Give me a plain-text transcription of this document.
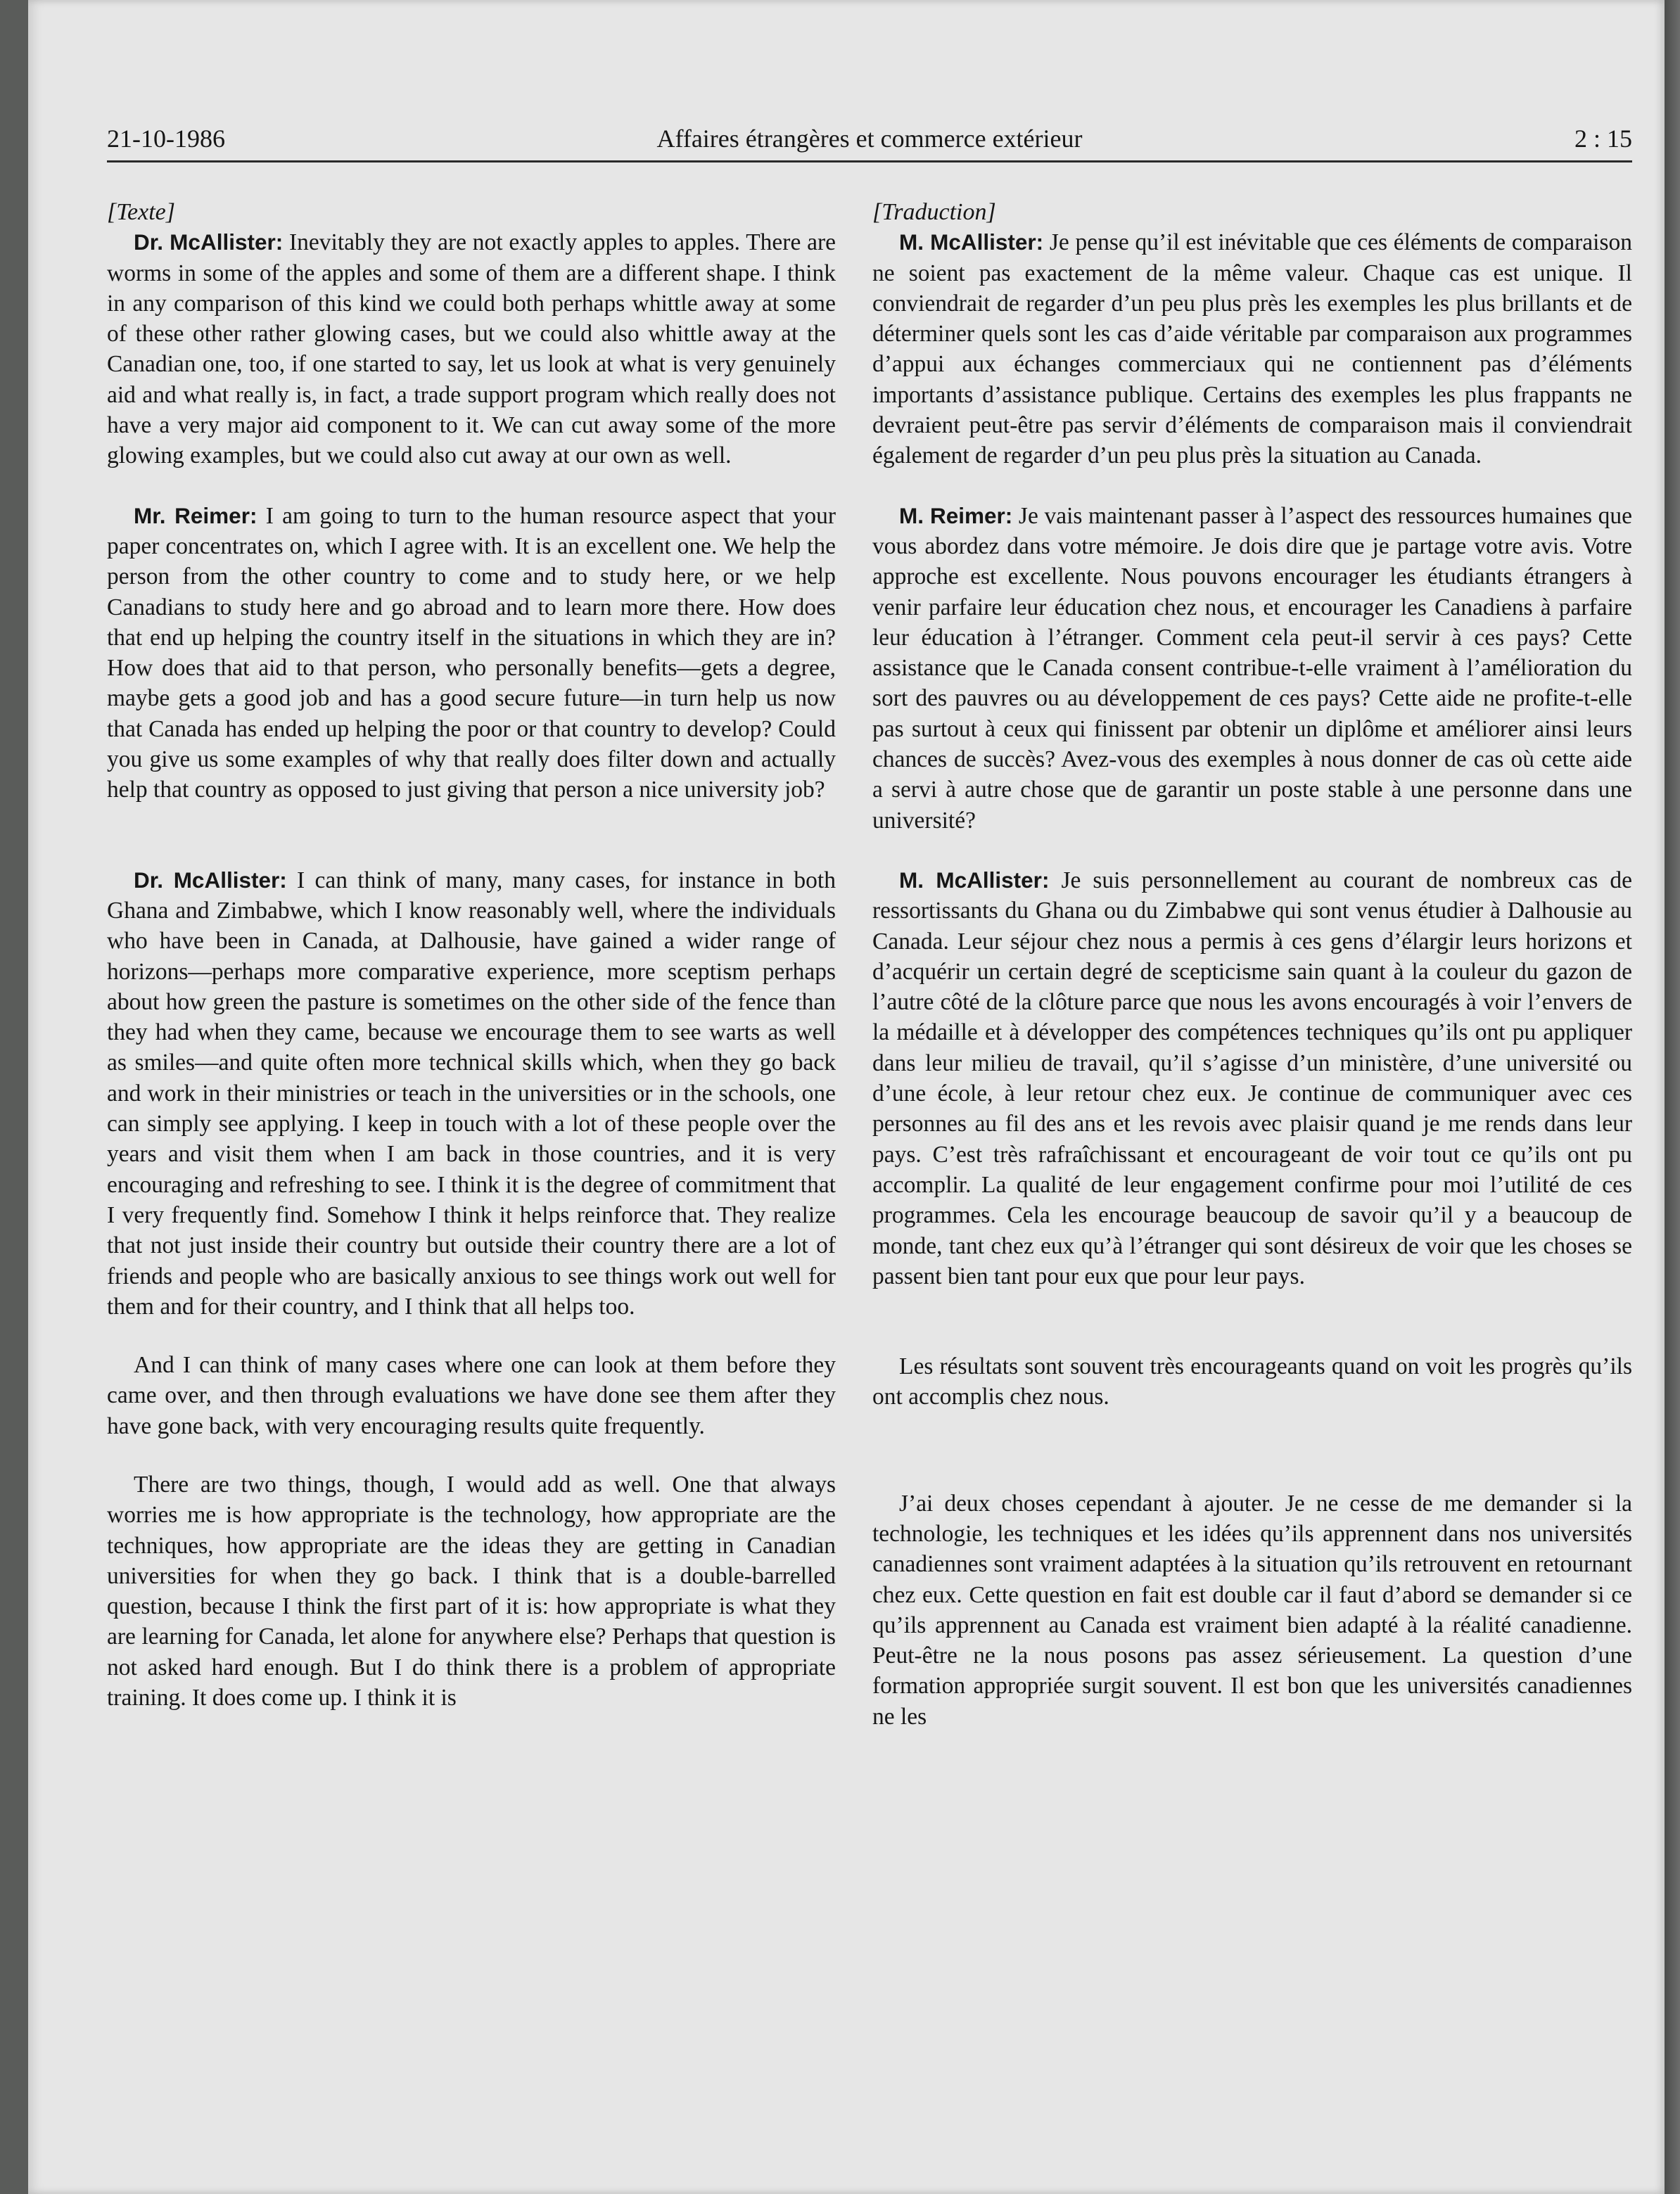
21-10-1986	Affaires étrangères et commerce extérieur	2 : 15

[Texte]

Dr. McAllister: Inevitably they are not exactly apples to apples. There are worms in some of the apples and some of them are a different shape. I think in any comparison of this kind we could both perhaps whittle away at some of these other rather glowing cases, but we could also whittle away at the Canadian one, too, if one started to say, let us look at what is very genuinely aid and what really is, in fact, a trade support program which really does not have a very major aid component to it. We can cut away some of the more glowing examples, but we could also cut away at our own as well.

Mr. Reimer: I am going to turn to the human resource aspect that your paper concentrates on, which I agree with. It is an excellent one. We help the person from the other country to come and to study here, or we help Canadians to study here and go abroad and to learn more there. How does that end up helping the country itself in the situations in which they are in? How does that aid to that person, who personally benefits—gets a degree, maybe gets a good job and has a good secure future—in turn help us now that Canada has ended up helping the poor or that country to develop? Could you give us some examples of why that really does filter down and actually help that country as opposed to just giving that person a nice university job?

Dr. McAllister: I can think of many, many cases, for instance in both Ghana and Zimbabwe, which I know reasonably well, where the individuals who have been in Canada, at Dalhousie, have gained a wider range of horizons—perhaps more comparative experience, more sceptism perhaps about how green the pasture is sometimes on the other side of the fence than they had when they came, because we encourage them to see warts as well as smiles—and quite often more technical skills which, when they go back and work in their ministries or teach in the universities or in the schools, one can simply see applying. I keep in touch with a lot of these people over the years and visit them when I am back in those countries, and it is very encouraging and refreshing to see. I think it is the degree of commitment that I very frequently find. Somehow I think it helps reinforce that. They realize that not just inside their country but outside their country there are a lot of friends and people who are basically anxious to see things work out well for them and for their country, and I think that all helps too.

And I can think of many cases where one can look at them before they came over, and then through evaluations we have done see them after they have gone back, with very encouraging results quite frequently.

There are two things, though, I would add as well. One that always worries me is how appropriate is the technology, how appropriate are the techniques, how appropriate are the ideas they are getting in Canadian universities for when they go back. I think that is a double-barrelled question, because I think the first part of it is: how appropriate is what they are learning for Canada, let alone for anywhere else? Perhaps that question is not asked hard enough. But I do think there is a problem of appropriate training. It does come up. I think it is

[Traduction]

M. McAllister: Je pense qu’il est inévitable que ces éléments de comparaison ne soient pas exactement de la même valeur. Chaque cas est unique. Il conviendrait de regarder d’un peu plus près les exemples les plus brillants et de déterminer quels sont les cas d’aide véritable par comparaison aux programmes d’appui aux échanges commerciaux qui ne contiennent pas d’éléments importants d’assistance publique. Certains des exemples les plus frappants ne devraient peut-être pas servir d’éléments de comparaison mais il conviendrait également de regarder d’un peu plus près la situation au Canada.

M. Reimer: Je vais maintenant passer à l’aspect des ressources humaines que vous abordez dans votre mémoire. Je dois dire que je partage votre avis. Votre approche est excellente. Nous pouvons encourager les étudiants étrangers à venir parfaire leur éducation chez nous, et encourager les Canadiens à parfaire leur éducation à l’étranger. Comment cela peut-il servir à ces pays? Cette assistance que le Canada consent contribue-t-elle vraiment à l’amélioration du sort des pauvres ou au développement de ces pays? Cette aide ne profite-t-elle pas surtout à ceux qui finissent par obtenir un diplôme et améliorer ainsi leurs chances de succès? Avez-vous des exemples à nous donner de cas où cette aide a servi à autre chose que de garantir un poste stable à une personne dans une université?

M. McAllister: Je suis personnellement au courant de nombreux cas de ressortissants du Ghana ou du Zimbabwe qui sont venus étudier à Dalhousie au Canada. Leur séjour chez nous a permis à ces gens d’élargir leurs horizons et d’acquérir un certain degré de scepticisme sain quant à la couleur du gazon de l’autre côté de la clôture parce que nous les avons encouragés à voir l’envers de la médaille et à développer des compétences techniques qu’ils ont pu appliquer dans leur milieu de travail, qu’il s’agisse d’un ministère, d’une université ou d’une école, à leur retour chez eux. Je continue de communiquer avec ces personnes au fil des ans et les revois avec plaisir quand je me rends dans leur pays. C’est très rafraîchissant et encourageant de voir tout ce qu’ils ont pu accomplir. La qualité de leur engagement confirme pour moi l’utilité de ces programmes. Cela les encourage beaucoup de savoir qu’il y a beaucoup de monde, tant chez eux qu’à l’étranger qui sont désireux de voir que les choses se passent bien tant pour eux que pour leur pays.

Les résultats sont souvent très encourageants quand on voit les progrès qu’ils ont accomplis chez nous.

J’ai deux choses cependant à ajouter. Je ne cesse de me demander si la technologie, les techniques et les idées qu’ils apprennent dans nos universités canadiennes sont vraiment adaptées à la situation qu’ils retrouvent en retournant chez eux. Cette question en fait est double car il faut d’abord se demander si ce qu’ils apprennent au Canada est vraiment bien adapté à la réalité canadienne. Peut-être ne la nous posons pas assez sérieusement. La question d’une formation appropriée surgit souvent. Il est bon que les universités canadiennes ne les
